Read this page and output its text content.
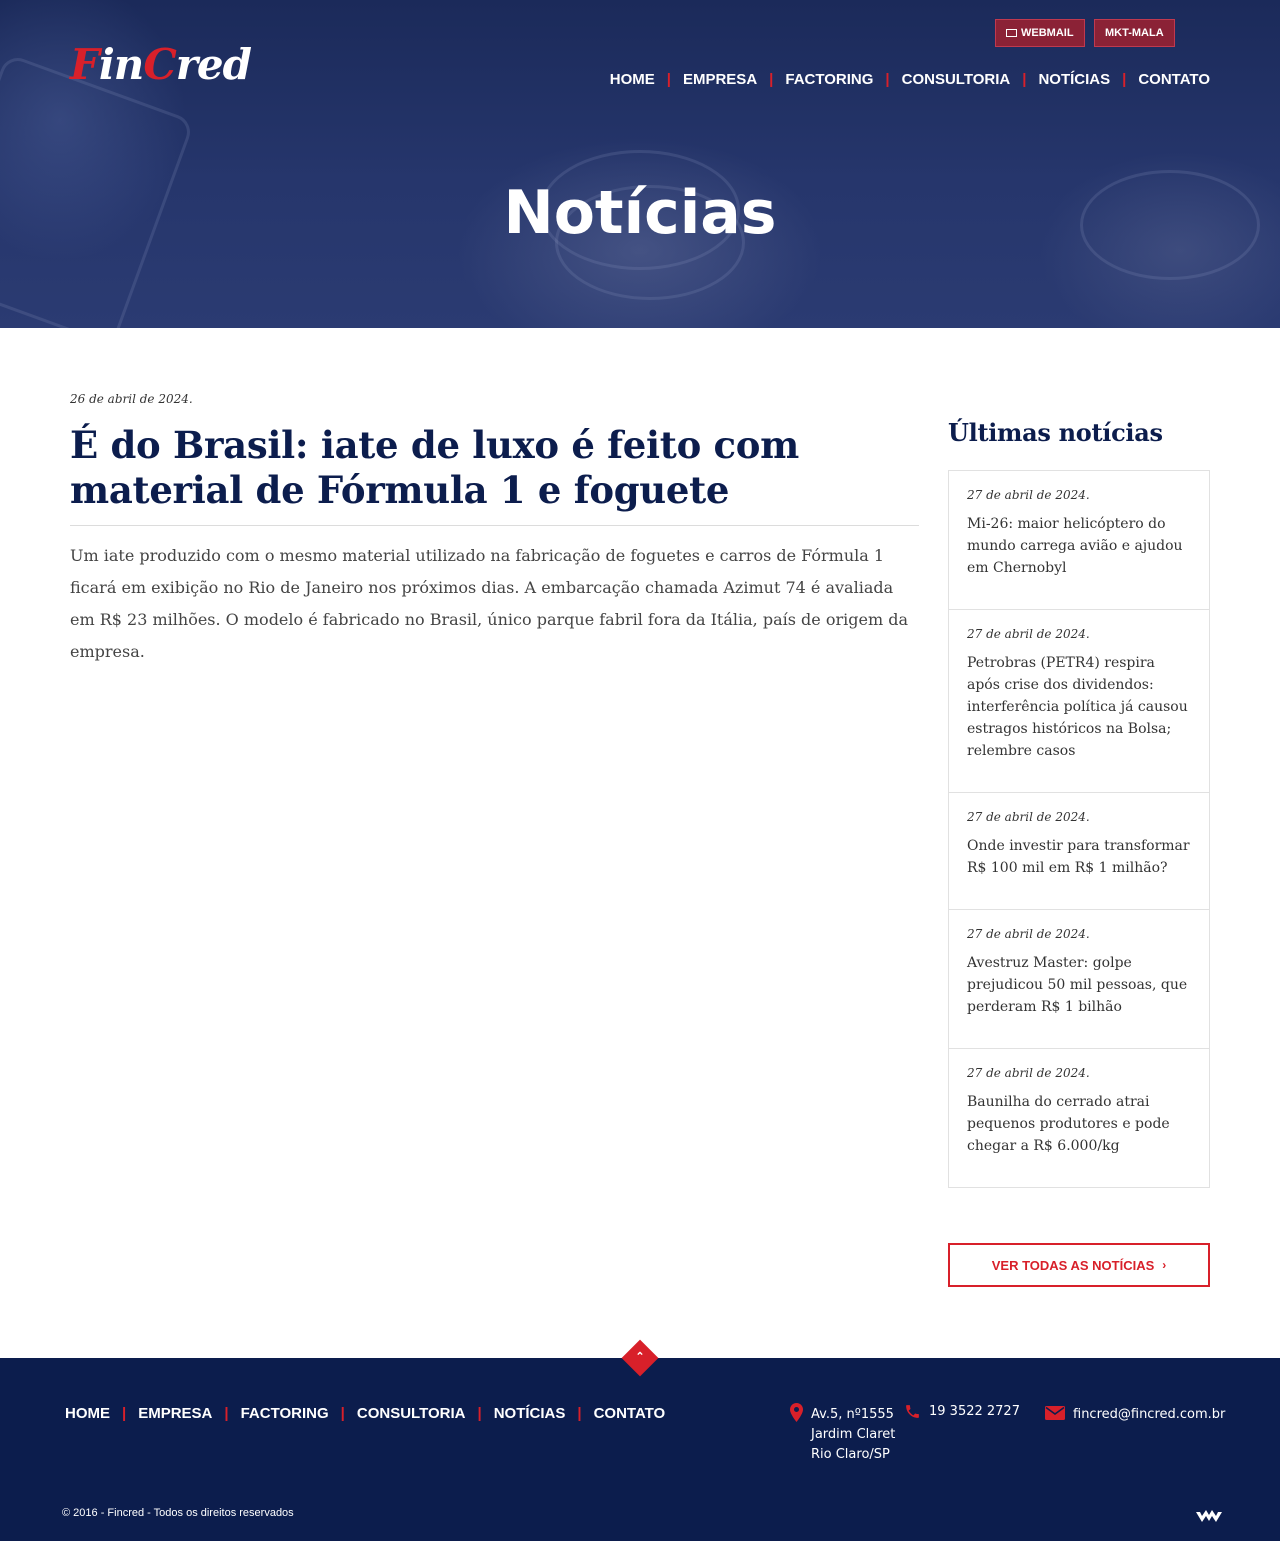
FinCred
WEBMAIL	MKT-MALA
HOME | EMPRESA | FACTORING | CONSULTORIA | NOTÍCIAS | CONTATO
Notícias
26 de abril de 2024.
É do Brasil: iate de luxo é feito com material de Fórmula 1 e foguete

Um iate produzido com o mesmo material utilizado na fabricação de foguetes e carros de Fórmula 1 ficará em exibição no Rio de Janeiro nos próximos dias. A embarcação chamada Azimut 74 é avaliada em R$ 23 milhões. O modelo é fabricado no Brasil, único parque fabril fora da Itália, país de origem da empresa.

Últimas notícias
27 de abril de 2024.
Mi-26: maior helicóptero do mundo carrega avião e ajudou em Chernobyl
27 de abril de 2024.
Petrobras (PETR4) respira após crise dos dividendos: interferência política já causou estragos históricos na Bolsa; relembre casos
27 de abril de 2024.
Onde investir para transformar R$ 100 mil em R$ 1 milhão?
27 de abril de 2024.
Avestruz Master: golpe prejudicou 50 mil pessoas, que perderam R$ 1 bilhão
27 de abril de 2024.
Baunilha do cerrado atrai pequenos produtores e pode chegar a R$ 6.000/kg
VER TODAS AS NOTÍCIAS ›
⌃
HOME | EMPRESA | FACTORING | CONSULTORIA | NOTÍCIAS | CONTATO	Av.5, nº1555
Jardim Claret
Rio Claro/SP
19 3522 2727	fincred@fincred.com.br
© 2016 - Fincred - Todos os direitos reservados
